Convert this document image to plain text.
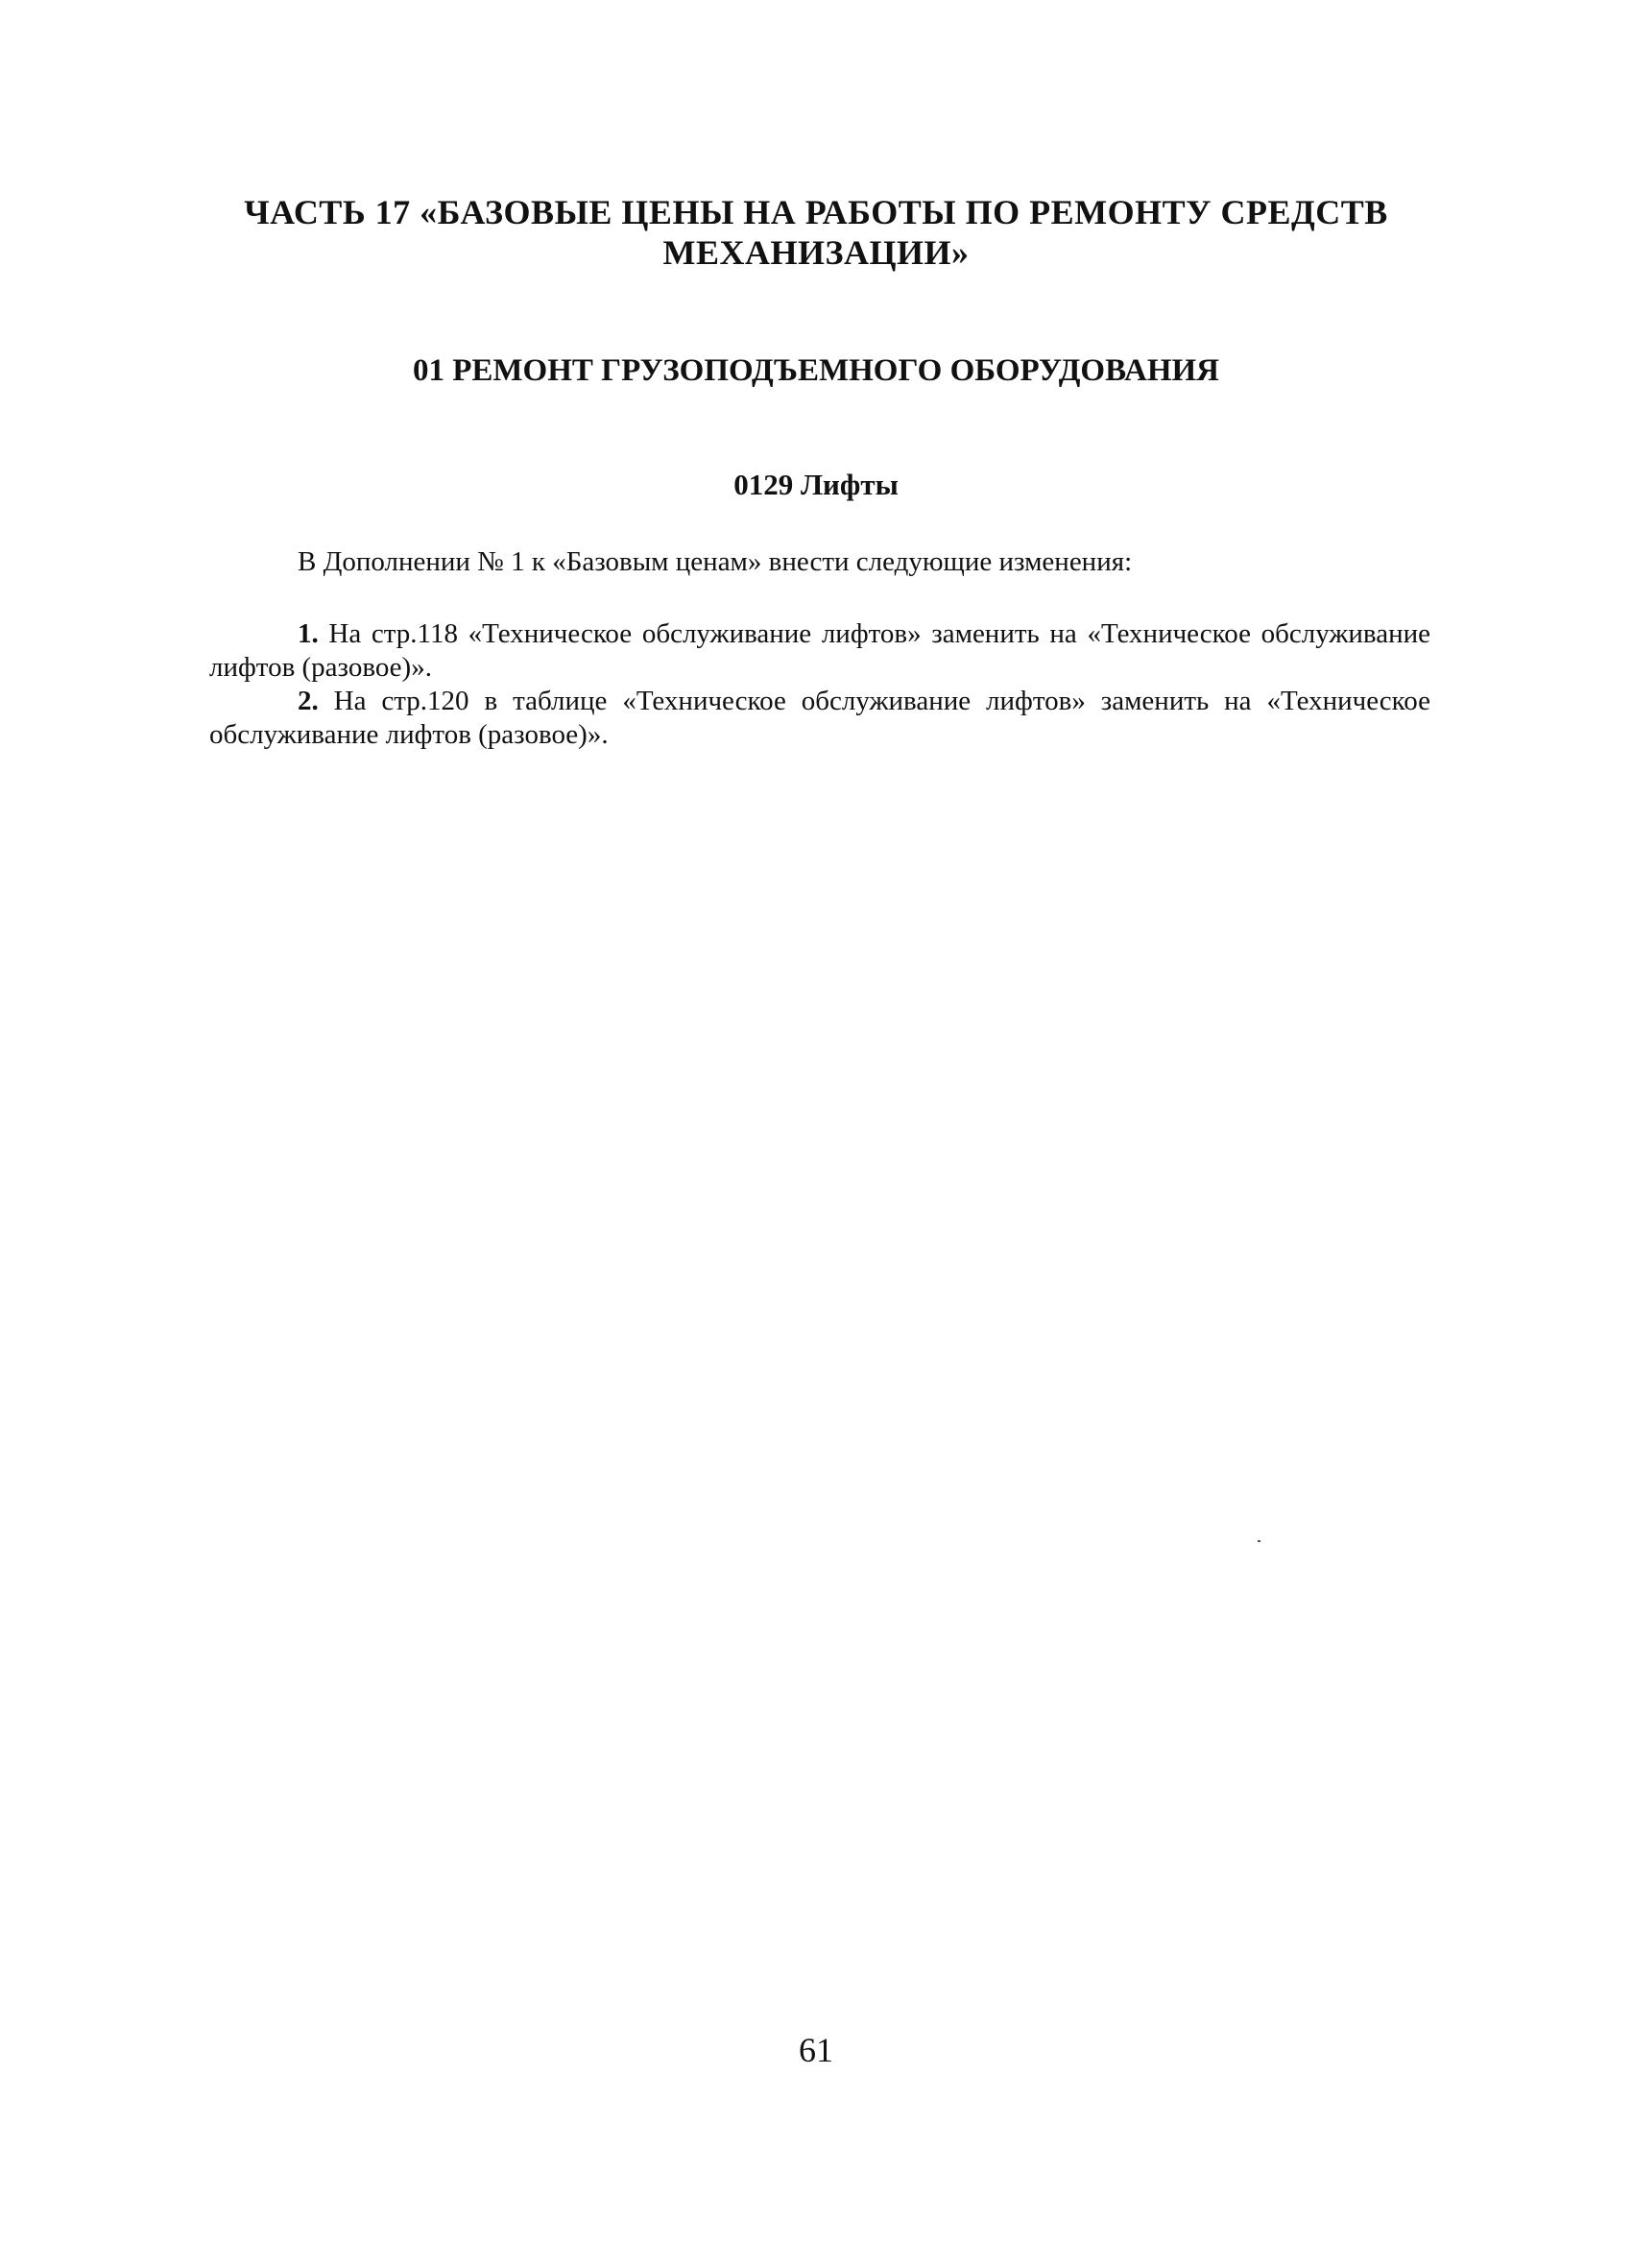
ЧАСТЬ 17 «БАЗОВЫЕ ЦЕНЫ НА РАБОТЫ ПО РЕМОНТУ СРЕДСТВ
МЕХАНИЗАЦИИ»
01 РЕМОНТ ГРУЗОПОДЪЕМНОГО ОБОРУДОВАНИЯ
0129 Лифты
В Дополнении № 1 к «Базовым ценам» внести следующие изменения:

1. На стр.118 «Техническое обслуживание лифтов» заменить на «Техническое обслуживание лифтов (разовое)».

2. На стр.120 в таблице «Техническое обслуживание лифтов» заменить на «Техническое обслуживание лифтов (разовое)».

61
